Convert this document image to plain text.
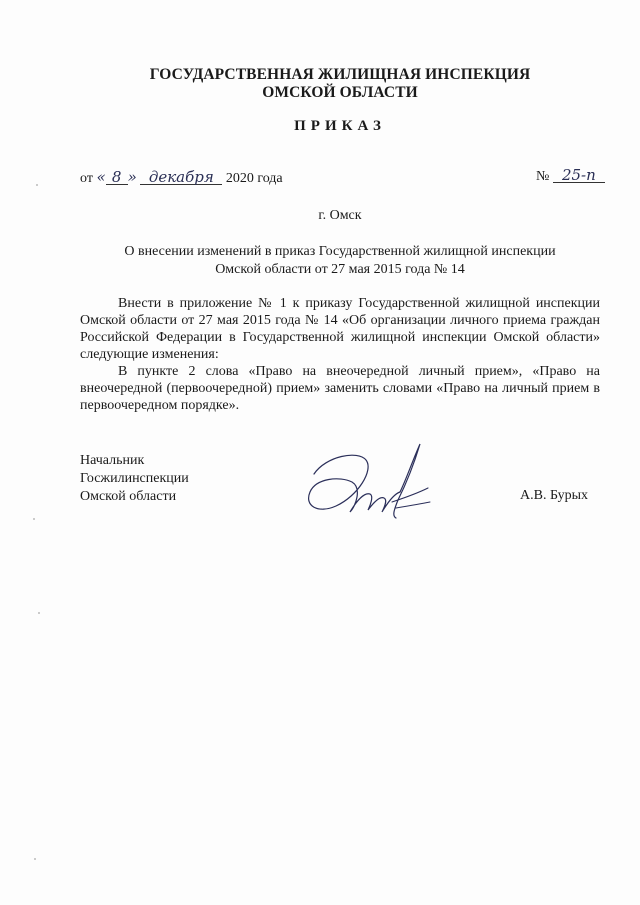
ГОСУДАРСТВЕННАЯ ЖИЛИЩНАЯ ИНСПЕКЦИЯ
ОМСКОЙ ОБЛАСТИ
ПРИКАЗ
от « 8 » декабря 2020 года	№ 25-п
г. Омск
О внесении изменений в приказ Государственной жилищной инспекции
Омской области от 27 мая 2015 года № 14

Внести в приложение № 1 к приказу Государственной жилищной инспекции Омской области от 27 мая 2015 года № 14 «Об организации личного приема граждан Российской Федерации в Государственной жилищной инспекции Омской области» следующие изменения:

В пункте 2 слова «Право на внеочередной личный прием», «Право на внеочередной (первоочередной) прием» заменить словами «Право на личный прием в первоочередном порядке».

Начальник
Госжилинспекции
Омской области	А.В. Бурых
